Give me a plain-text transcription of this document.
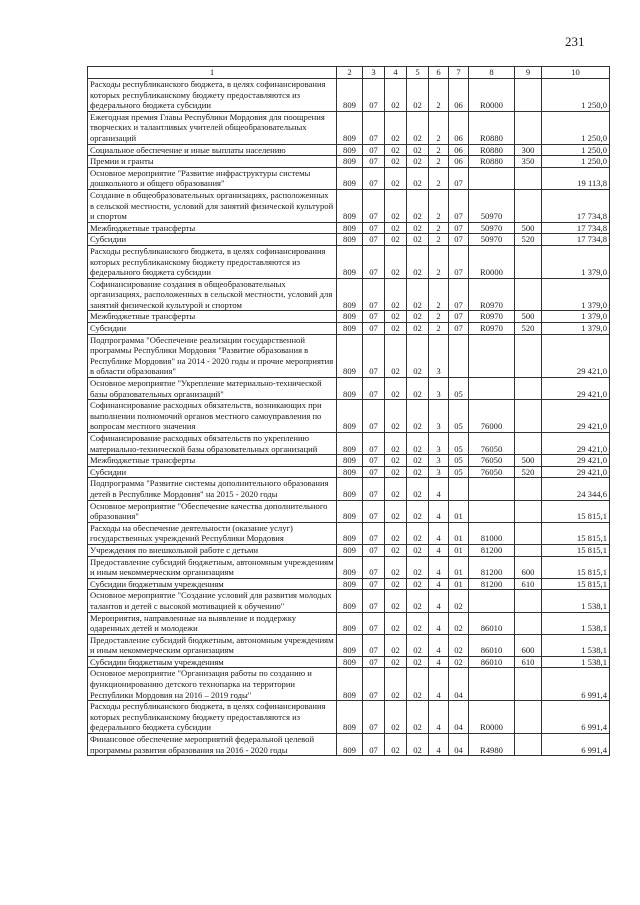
231
1	2	3	4	5	6	7	8	9	10
Расходы республиканского бюджета, в целях софинансирования которых республиканскому бюджету предоставляются из федерального бюджета субсидии	809	07	02	02	2	06	R0000		1 250,0
Ежегодная премия Главы Республики Мордовия для поощрения творческих и талантливых учителей общеобразовательных организаций	809	07	02	02	2	06	R0880		1 250,0
Социальное обеспечение и иные выплаты населению	809	07	02	02	2	06	R0880	300	1 250,0
Премии и гранты	809	07	02	02	2	06	R0880	350	1 250,0
Основное мероприятие "Развитие инфраструктуры системы дошкольного и общего образования"	809	07	02	02	2	07			19 113,8
Создание в общеобразовательных организациях, расположенных в сельской местности, условий для занятий физической культурой и спортом	809	07	02	02	2	07	50970		17 734,8
Межбюджетные трансферты	809	07	02	02	2	07	50970	500	17 734,8
Субсидии	809	07	02	02	2	07	50970	520	17 734,8
Расходы республиканского бюджета, в целях софинансирования которых республиканскому бюджету предоставляются из федерального бюджета субсидии	809	07	02	02	2	07	R0000		1 379,0
Софинансирование создания в общеобразовательных организациях, расположенных в сельской местности, условий для занятий физической культурой и спортом	809	07	02	02	2	07	R0970		1 379,0
Межбюджетные трансферты	809	07	02	02	2	07	R0970	500	1 379,0
Субсидии	809	07	02	02	2	07	R0970	520	1 379,0
Подпрограмма "Обеспечение реализации государственной программы Республики Мордовия "Развитие образования в Республике Мордовия" на 2014 - 2020 годы и прочие мероприятия в области образования"	809	07	02	02	3				29 421,0
Основное мероприятие "Укрепление материально-технической базы образовательных организаций"	809	07	02	02	3	05			29 421,0
Софинансирование расходных обязательств, возникающих при выполнении полномочий органов местного самоуправления по вопросам местного значения	809	07	02	02	3	05	76000		29 421,0
Софинансирование расходных обязательств по укреплению материально-технической базы образовательных организаций	809	07	02	02	3	05	76050		29 421,0
Межбюджетные трансферты	809	07	02	02	3	05	76050	500	29 421,0
Субсидии	809	07	02	02	3	05	76050	520	29 421,0
Подпрограмма "Развитие системы дополнительного образования детей в Республике Мордовия" на 2015 - 2020 годы	809	07	02	02	4				24 344,6
Основное мероприятие "Обеспечение качества дополнительного образования"	809	07	02	02	4	01			15 815,1
Расходы на обеспечение деятельности (оказание услуг) государственных учреждений Республики Мордовия	809	07	02	02	4	01	81000		15 815,1
Учреждения по внешкольной работе с детьми	809	07	02	02	4	01	81200		15 815,1
Предоставление субсидий бюджетным, автономным учреждениям и иным некоммерческим организациям	809	07	02	02	4	01	81200	600	15 815,1
Субсидии бюджетным учреждениям	809	07	02	02	4	01	81200	610	15 815,1
Основное мероприятие "Создание условий для развития молодых талантов и детей с высокой мотивацией к обучению"	809	07	02	02	4	02			1 538,1
Мероприятия, направленные на выявление и поддержку одаренных детей и молодежи	809	07	02	02	4	02	86010		1 538,1
Предоставление субсидий бюджетным, автономным учреждениям и иным некоммерческим организациям	809	07	02	02	4	02	86010	600	1 538,1
Субсидии бюджетным учреждениям	809	07	02	02	4	02	86010	610	1 538,1
Основное мероприятие "Организация работы по созданию и функционированию детского технопарка на территории Республики Мордовия на 2016 – 2019 годы"	809	07	02	02	4	04			6 991,4
Расходы республиканского бюджета, в целях софинансирования которых республиканскому бюджету предоставляются из федерального бюджета субсидии	809	07	02	02	4	04	R0000		6 991,4
Финансовое обеспечение мероприятий федеральной целевой программы развития образования на 2016 - 2020 годы	809	07	02	02	4	04	R4980		6 991,4
